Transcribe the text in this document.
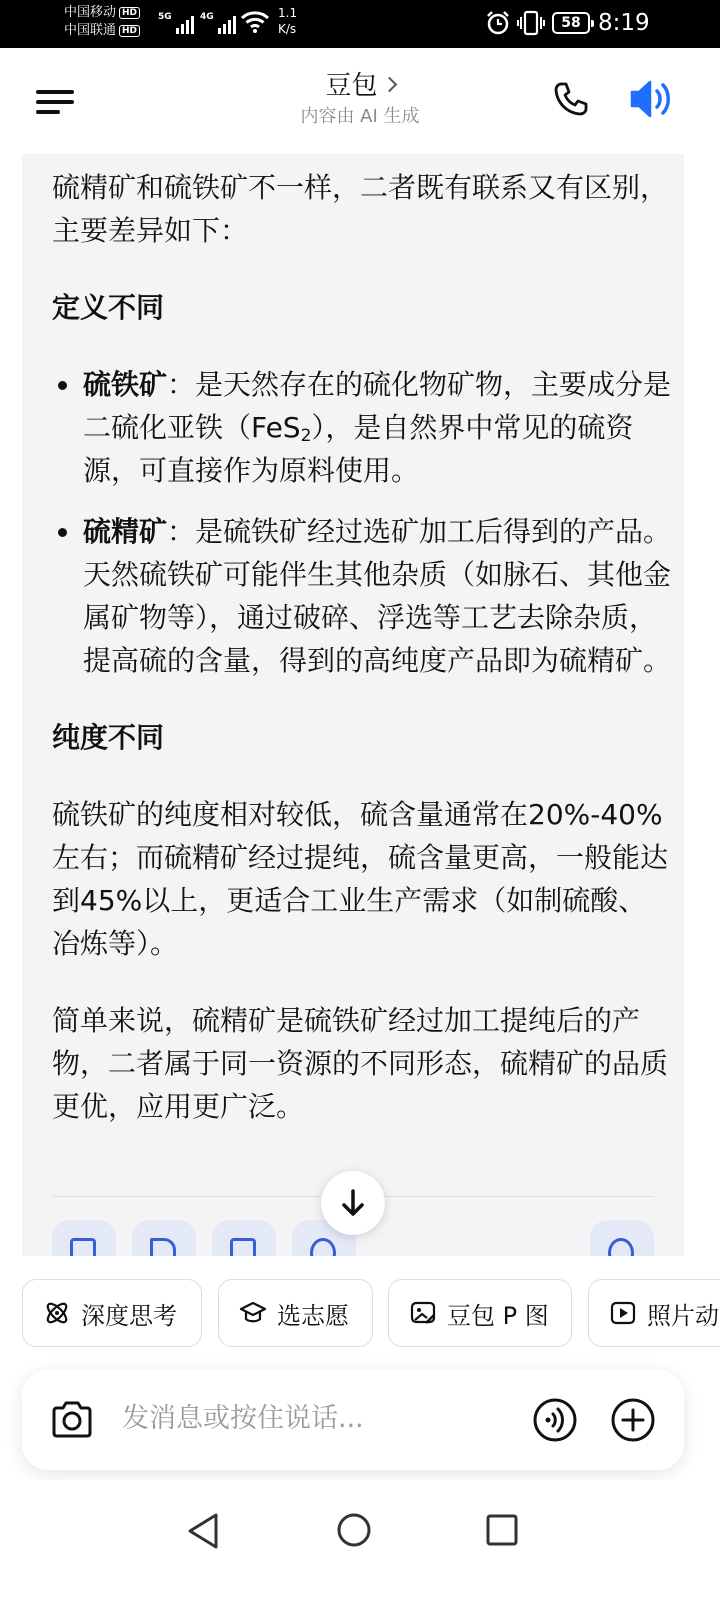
中国移动 HD
中国联通 HD
5G	4G	1.1
K/s	58 8:19
豆包
内容由 AI 生成

硫精矿和硫铁矿不一样，二者既有联系又有区别，主要差异如下：

定义不同
硫铁矿：是天然存在的硫化物矿物，主要成分是二硫化亚铁（FeS$_2$），是自然界中常见的硫资源，可直接作为原料使用。
硫精矿：是硫铁矿经过选矿加工后得到的产品。天然硫铁矿可能伴生其他杂质（如脉石、其他金属矿物等），通过破碎、浮选等工艺去除杂质，提高硫的含量，得到的高纯度产品即为硫精矿。
纯度不同

硫铁矿的纯度相对较低，硫含量通常在20%-40%左右；而硫精矿经过提纯，硫含量更高，一般能达到45%以上，更适合工业生产需求（如制硫酸、冶炼等）。

简单来说，硫精矿是硫铁矿经过加工提纯后的产物，二者属于同一资源的不同形态，硫精矿的品质更优，应用更广泛。

深度思考	选志愿	豆包 P 图	照片动
发消息或按住说话...
